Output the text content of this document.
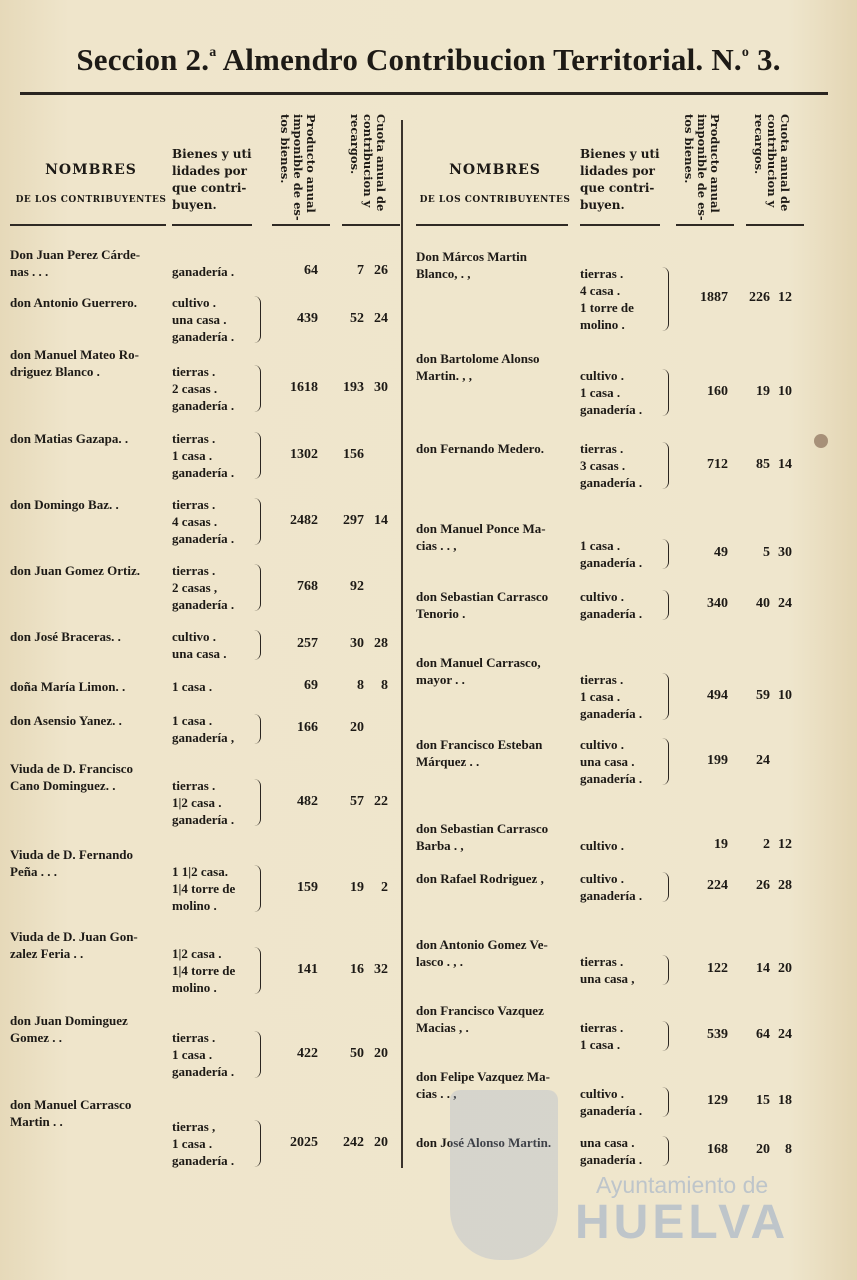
Seccion 2.$^a$ Almendro Contribucion Territorial. N.$^o$ 3.
NOMBRES
DE LOS CONTRIBUYENTES
Bienes y uti
lidades por
que contri-
buyen.
Producto anual
imponible de es-
tos bienes.
Cuota anual de
contribucion y
recargos.
Don Juan Perez Cárde-
nas . . .	ganadería .	64	7 26
don Antonio Guerrero.	cultivo .
una casa .
ganadería .
439	52 24
don Manuel Mateo Ro-
driguez Blanco .	tierras .
2 casas .
ganadería .
1618	193 30
don Matias Gazapa. .	tierras .
1 casa .
ganadería .
1302	156
don Domingo Baz. .	tierras .
4 casas .
ganadería .
2482	297 14
don Juan Gomez Ortiz.	tierras .
2 casas ,
ganadería .
768	92
don José Braceras. .	cultivo .
una casa .
257	30 28
doña María Limon. .	1 casa .	69	8	8
don Asensio Yanez. .	1 casa .
ganadería ,
166	20
Viuda de D. Francisco
Cano Dominguez. .	tierras .
1|2 casa .
ganadería .
482	57 22
Viuda de D. Fernando
Peña . . .	1 1|2 casa.
1|4 torre de
molino .
159	19	2
Viuda de D. Juan Gon-
zalez Feria . .	1|2 casa .
1|4 torre de
molino .
141	16 32
don Juan Dominguez
Gomez . .	tierras .
1 casa .
ganadería .
422	50 20
don Manuel Carrasco
Martin . .	tierras ,
1 casa .
ganadería .
2025	242 20
NOMBRES
DE LOS CONTRIBUYENTES
Bienes y uti
lidades por
que contri-
buyen.
Producto anual
imponible de es-
tos bienes.
Cuota anual de
contribucion y
recargos.
Don Márcos Martin
Blanco, . ,	tierras .
4 casa .
1 torre de
molino .
1887	226 12
don Bartolome Alonso
Martin. , ,	cultivo .
1 casa .
ganadería .
160	19 10
don Fernando Medero.	tierras .
3 casas .
ganadería .
712	85 14
don Manuel Ponce Ma-
cias . . ,	1 casa .
ganadería .
49	5 30
don Sebastian Carrasco
Tenorio .
cultivo .
ganadería .
340	40 24
don Manuel Carrasco,
mayor . .	tierras .
1 casa .
ganadería .
494	59 10
don Francisco Esteban
Márquez . .
cultivo .
una casa .
ganadería .
199	24
don Sebastian Carrasco
Barba . ,	cultivo .	19	2 12
don Rafael Rodriguez ,	cultivo .
ganadería .
224	26 28
don Antonio Gomez Ve-
lasco . , .	tierras .
una casa ,
122	14 20
don Francisco Vazquez
Macias , .	tierras .
1 casa .
539	64 24
don Felipe Vazquez Ma-
cias . . ,	cultivo .
ganadería .
129	15 18
don José Alonso Martin.	una casa .
ganadería .
168	20	8
Ayuntamiento de
HUELVA
